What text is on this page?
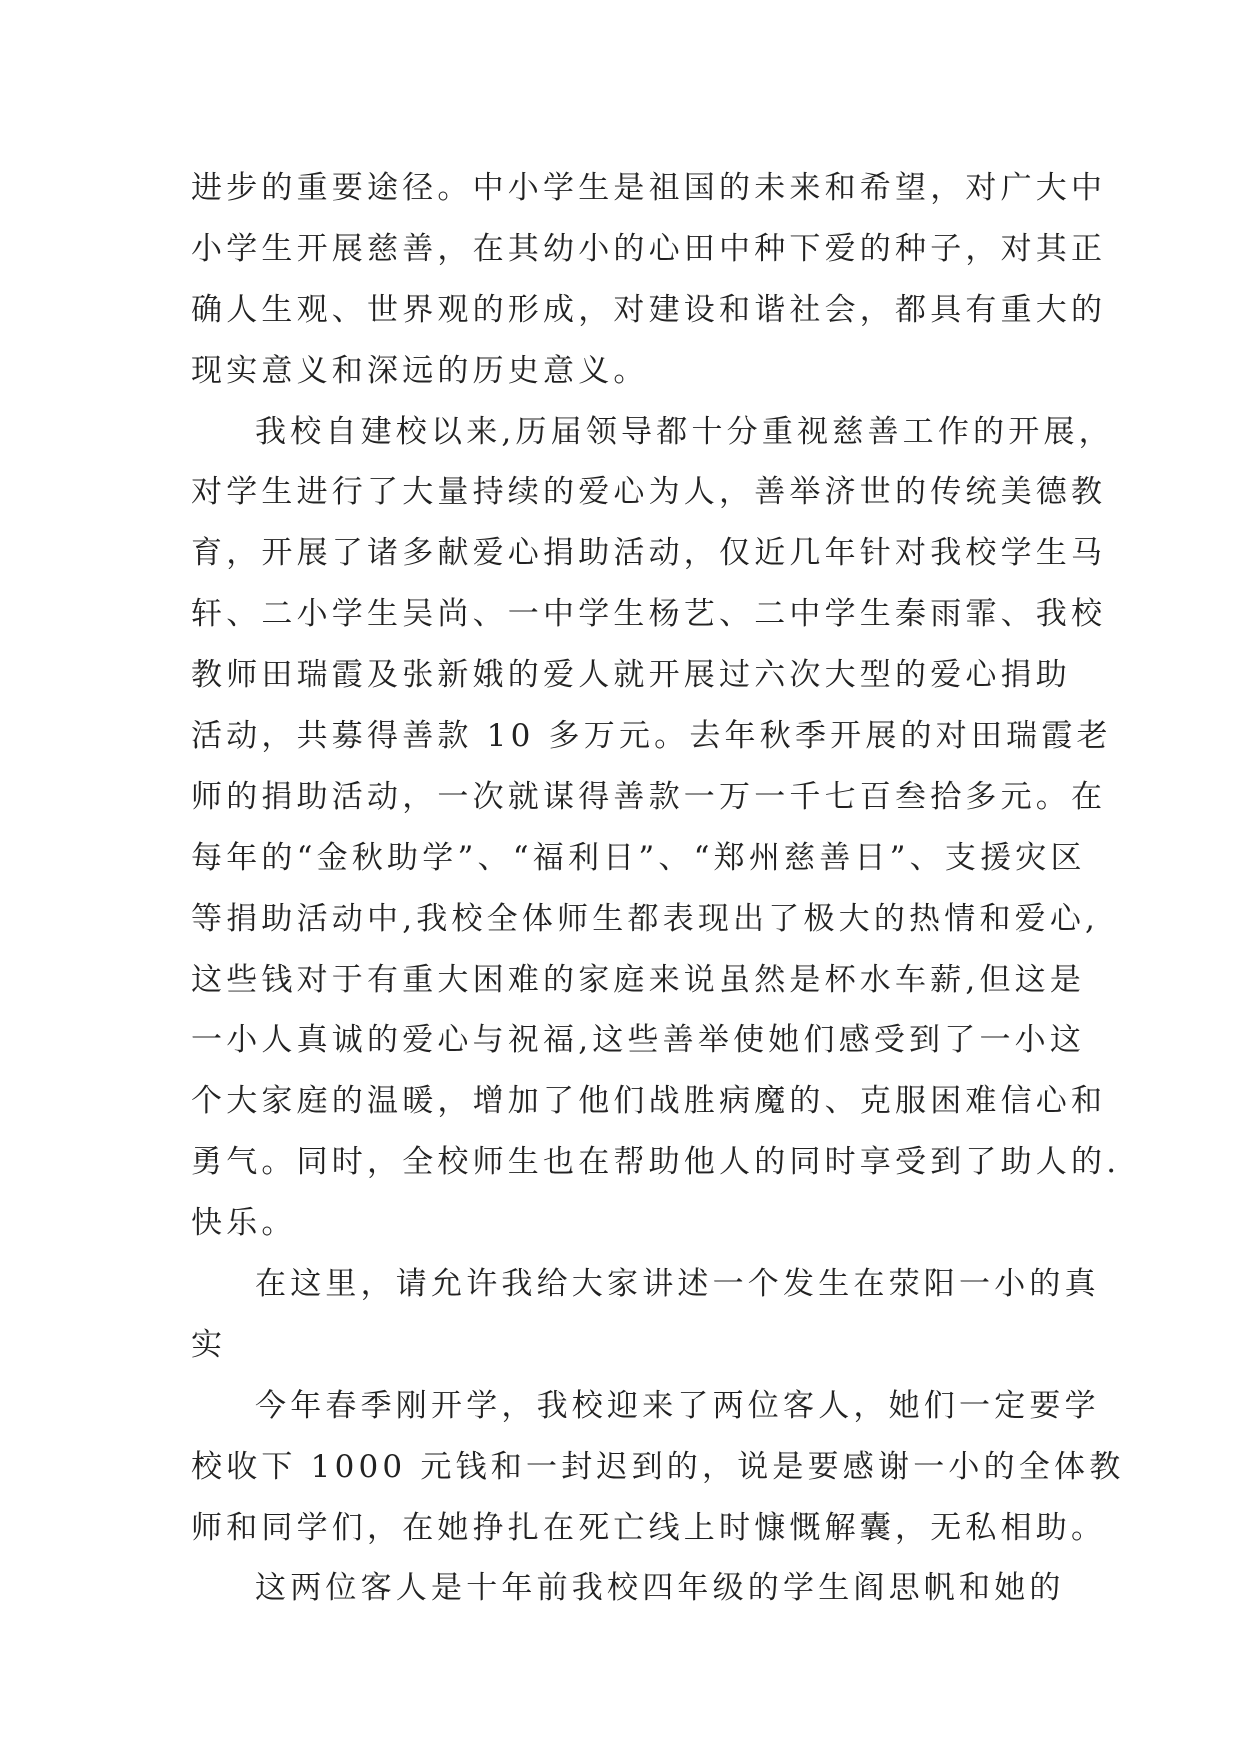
进步的重要途径。中小学生是祖国的未来和希望，对广大中
小学生开展慈善，在其幼小的心田中种下爱的种子，对其正
确人生观、世界观的形成，对建设和谐社会，都具有重大的
现实意义和深远的历史意义。
我校自建校以来,历届领导都十分重视慈善工作的开展，
对学生进行了大量持续的爱心为人，善举济世的传统美德教
育，开展了诸多献爱心捐助活动，仅近几年针对我校学生马
轩、二小学生吴尚、一中学生杨艺、二中学生秦雨霏、我校
教师田瑞霞及张新娥的爱人就开展过六次大型的爱心捐助
活动，共募得善款 10 多万元。去年秋季开展的对田瑞霞老
师的捐助活动，一次就谋得善款一万一千七百叁拾多元。在
每年的“金秋助学”、“福利日”、“郑州慈善日”、支援灾区
等捐助活动中,我校全体师生都表现出了极大的热情和爱心,
这些钱对于有重大困难的家庭来说虽然是杯水车薪,但这是
一小人真诚的爱心与祝福,这些善举使她们感受到了一小这
个大家庭的温暖，增加了他们战胜病魔的、克服困难信心和
勇气。同时，全校师生也在帮助他人的同时享受到了助人的.
快乐。
在这里，请允许我给大家讲述一个发生在荥阳一小的真
实
今年春季刚开学，我校迎来了两位客人，她们一定要学
校收下 1000 元钱和一封迟到的，说是要感谢一小的全体教
师和同学们，在她挣扎在死亡线上时慷慨解囊，无私相助。
这两位客人是十年前我校四年级的学生阎思帆和她的
